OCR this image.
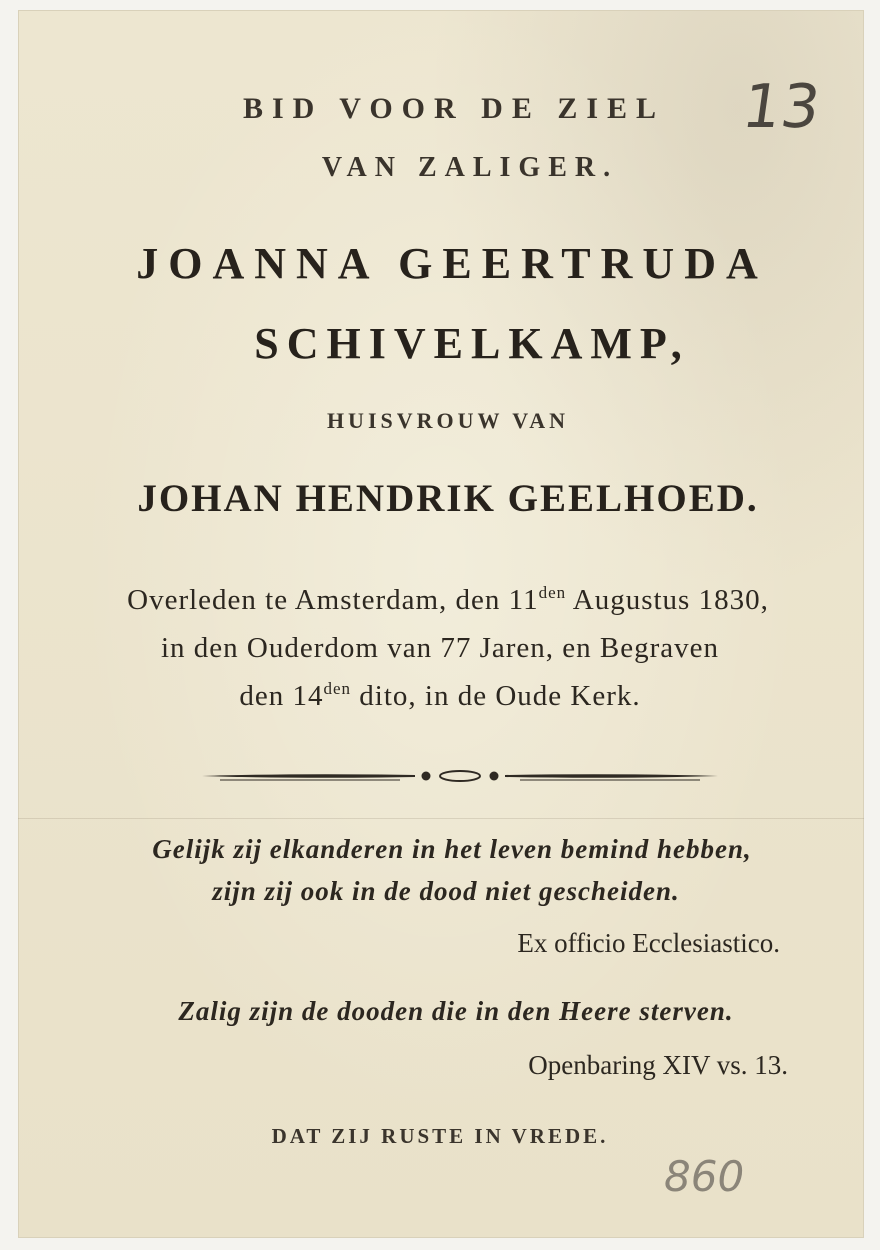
BID VOOR DE ZIEL
VAN ZALIGER.
JOANNA GEERTRUDA
SCHIVELKAMP,
HUISVROUW VAN
JOHAN HENDRIK GEELHOED.
Overleden te Amsterdam, den $11^{den}$ Augustus 1830,
in den Ouderdom van 77 Jaren, en Begraven
den $14^{den}$ dito, in de Oude Kerk.
Gelijk zij elkanderen in het leven bemind hebben,
zijn zij ook in de dood niet gescheiden.
Ex officio Ecclesiastico.
Zalig zijn de dooden die in den Heere sterven.
Openbaring XIV vs. 13.
DAT ZIJ RUSTE IN VREDE.
13
860
